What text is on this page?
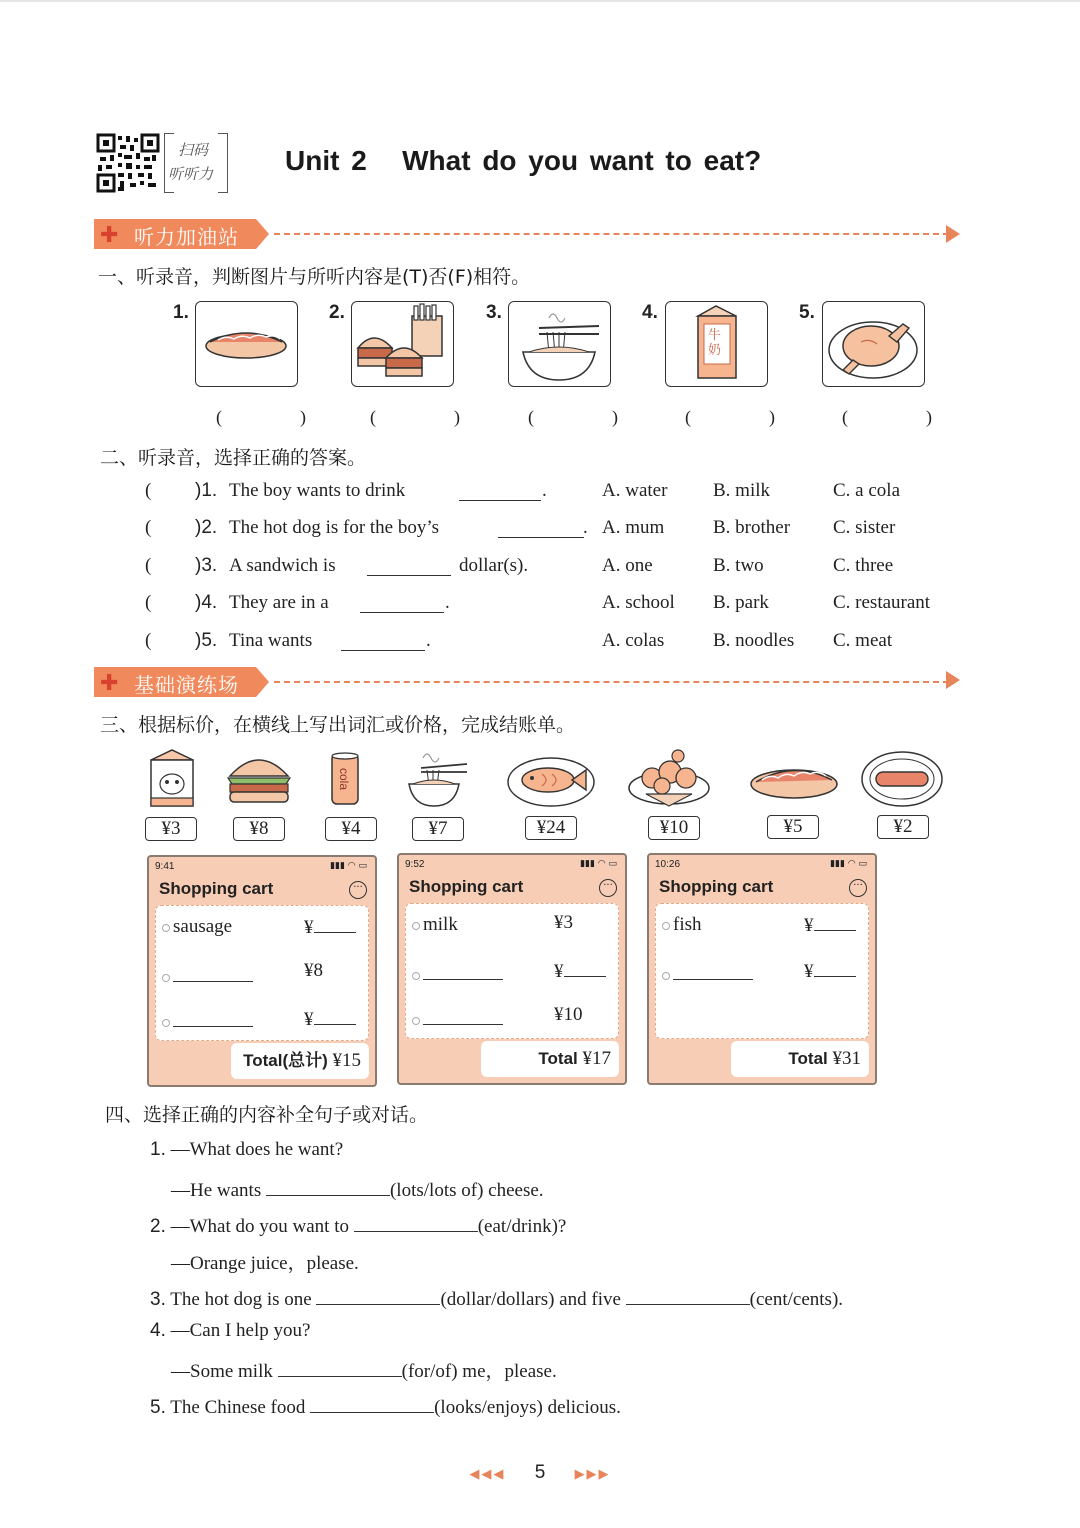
扫码
听听力	Unit 2   What do you want to eat?
✚ 听力加油站
一、听录音，判断图片与所听内容是(T)否(F)相符。
1.	2.	3.	4.
牛奶
5.
(　) (　) (　) (　) (　)
二、听录音，选择正确的答案。
( )1. The boy wants to drink	.	A. water B. milk	C. a cola
( )2. The hot dog is for the boy’s	. A. mum	B. brother C. sister
( )3. A sandwich is	dollar(s).	A. one	B. two	C. three
( )4. They are in a	.	A. school B. park	C. restaurant
( )5. Tina wants	.	A. colas	B. noodles C. meat
✚ 基础演练场
三、根据标价，在横线上写出词汇或价格，完成结账单。
cola
¥3	¥8	¥4	¥7	¥24	¥10	¥5	¥2
9:41	▮▮▮ ◠ ▭
Shopping cart	···
sausage	¥
¥8
¥
Total(总计) ¥15
9:52	▮▮▮ ◠ ▭
Shopping cart	···
milk	¥3
¥
¥10
Total ¥17
10:26	▮▮▮ ◠ ▭
Shopping cart	···
fish	¥
¥
Total ¥31
四、选择正确的内容补全句子或对话。
1. —What does he want?
—He wants	(lots/lots of) cheese.
2. —What do you want to	(eat/drink)?
—Orange juice，please.
3. The hot dog is one	(dollar/dollars) and five	(cent/cents).
4. —Can I help you?
—Some milk	(for/of) me，please.
5. The Chinese food	(looks/enjoys) delicious.
◀◀◀ 5 ▶▶▶
